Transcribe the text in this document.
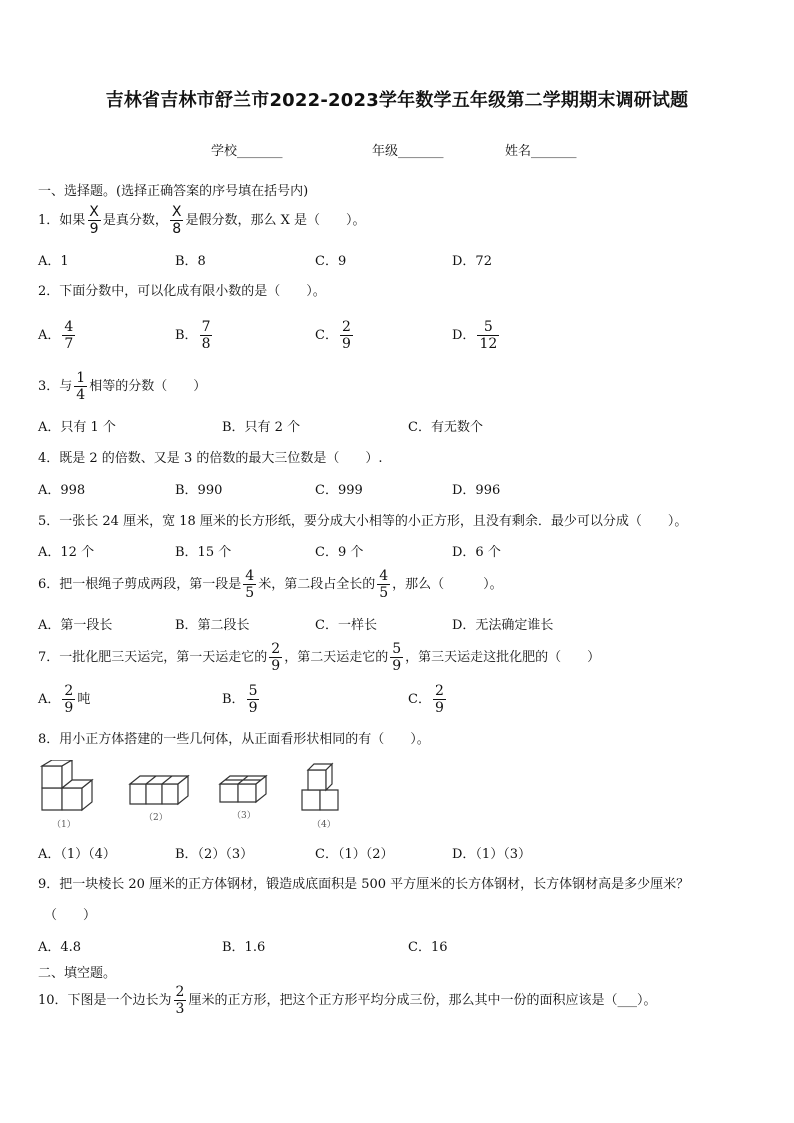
吉林省吉林市舒兰市2022-2023学年数学五年级第二学期期末调研试题
学校_______	年级_______	姓名_______
一、选择题。(选择正确答案的序号填在括号内)
1．如果 $\frac{X}{9}$ 是真分数， $\frac{X}{8}$ 是假分数，那么 X 是（　　）。
A．1	B．8	C．9	D．72
2．下面分数中，可以化成有限小数的是（　　）。
A． $\frac{4}{7}$	B． $\frac{7}{8}$	C． $\frac{2}{9}$	D． $\frac{5}{12}$
3．与 $\frac{1}{4}$ 相等的分数（　　）
A．只有 1 个	B．只有 2 个	C．有无数个
4．既是 2 的倍数、又是 3 的倍数的最大三位数是（　　）.
A．998	B．990	C．999	D．996
5．一张长 24 厘米，宽 18 厘米的长方形纸，要分成大小相等的小正方形，且没有剩余．最少可以分成（　　）。
A．12 个	B．15 个	C．9 个	D．6 个
6．把一根绳子剪成两段，第一段是 $\frac{4}{5}$ 米，第二段占全长的 $\frac{4}{5}$ ，那么（　　　）。
A．第一段长	B．第二段长	C．一样长	D．无法确定谁长
7．一批化肥三天运完，第一天运走它的 $\frac{2}{9}$ ，第二天运走它的 $\frac{5}{9}$ ，第三天运走这批化肥的（　　）
A． $\frac{2}{9}$ 吨	B． $\frac{5}{9}$	C． $\frac{2}{9}$
8．用小正方体搭建的一些几何体，从正面看形状相同的有（　　）。
（1）
（2）	（3）
（4）
A．（1）（4）	B．（2）（3）	C．（1）（2）	D．（1）（3）
9．把一块棱长 20 厘米的正方体钢材，锻造成底面积是 500 平方厘米的长方体钢材，长方体钢材高是多少厘米？
（　　）
A．4.8	B．1.6	C．16
二、填空题。
10．下图是一个边长为 $\frac{2}{3}$ 厘米的正方形，把这个正方形平均分成三份，那么其中一份的面积应该是（___）。
